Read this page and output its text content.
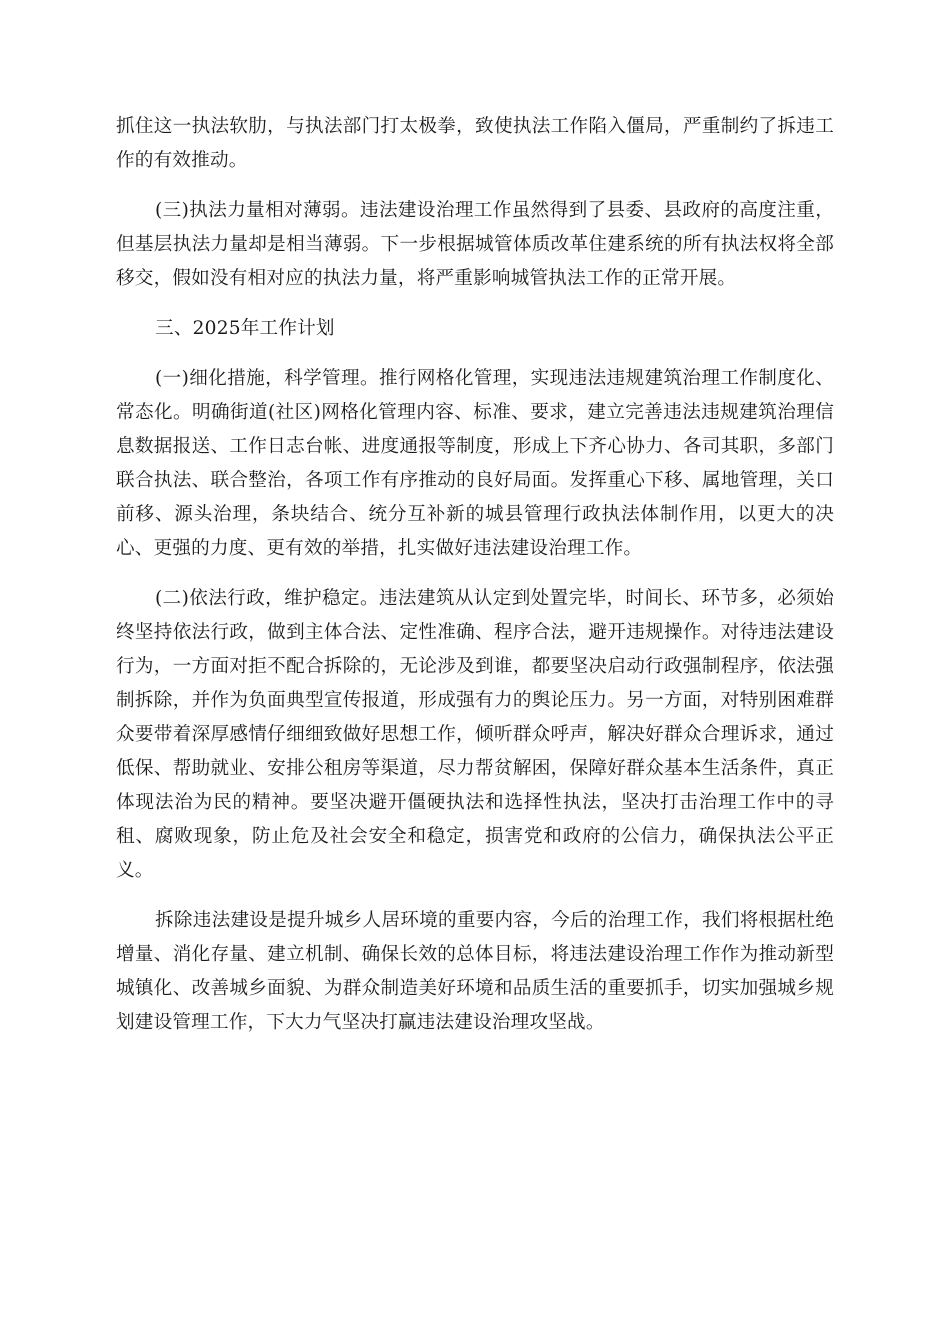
抓住这一执法软肋，与执法部门打太极拳，致使执法工作陷入僵局，严重制约了拆违工作的有效推动。

(三)执法力量相对薄弱。违法建设治理工作虽然得到了县委、县政府的高度注重，但基层执法力量却是相当薄弱。下一步根据城管体质改革住建系统的所有执法权将全部移交，假如没有相对应的执法力量，将严重影响城管执法工作的正常开展。

三、2025年工作计划

(一)细化措施，科学管理。推行网格化管理，实现违法违规建筑治理工作制度化、常态化。明确街道(社区)网格化管理内容、标准、要求，建立完善违法违规建筑治理信息数据报送、工作日志台帐、进度通报等制度，形成上下齐心协力、各司其职，多部门联合执法、联合整治，各项工作有序推动的良好局面。发挥重心下移、属地管理，关口前移、源头治理，条块结合、统分互补新的城县管理行政执法体制作用，以更大的决心、更强的力度、更有效的举措，扎实做好违法建设治理工作。

(二)依法行政，维护稳定。违法建筑从认定到处置完毕，时间长、环节多，必须始终坚持依法行政，做到主体合法、定性准确、程序合法，避开违规操作。对待违法建设行为，一方面对拒不配合拆除的，无论涉及到谁，都要坚决启动行政强制程序，依法强制拆除，并作为负面典型宣传报道，形成强有力的舆论压力。另一方面，对特别困难群众要带着深厚感情仔细细致做好思想工作，倾听群众呼声，解决好群众合理诉求，通过低保、帮助就业、安排公租房等渠道，尽力帮贫解困，保障好群众基本生活条件，真正体现法治为民的精神。要坚决避开僵硬执法和选择性执法，坚决打击治理工作中的寻租、腐败现象，防止危及社会安全和稳定，损害党和政府的公信力，确保执法公平正义。

拆除违法建设是提升城乡人居环境的重要内容，今后的治理工作，我们将根据杜绝增量、消化存量、建立机制、确保长效的总体目标，将违法建设治理工作作为推动新型城镇化、改善城乡面貌、为群众制造美好环境和品质生活的重要抓手，切实加强城乡规划建设管理工作，下大力气坚决打赢违法建设治理攻坚战。
